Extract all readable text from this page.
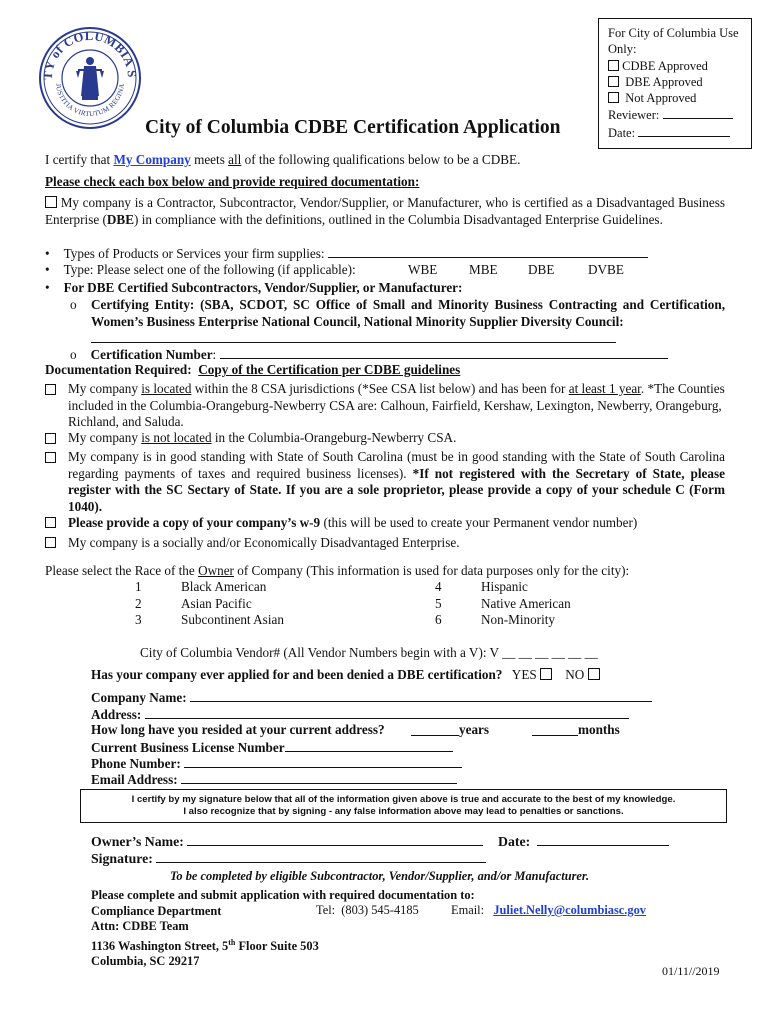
TY of COLUMBIA S
JUSTITIA VIRTUTUM REGINA
For City of Columbia Use
Only:
CDBE Approved
DBE Approved
Not Approved
Reviewer:
Date:
City of Columbia CDBE Certification Application
I certify that My Company meets all of the following qualifications below to be a CDBE.
Please check each box below and provide required documentation:
My company is a Contractor, Subcontractor, Vendor/Supplier, or Manufacturer, who is certified as a Disadvantaged Business Enterprise (DBE) in compliance with the definitions, outlined in the Columbia Disadvantaged Enterprise Guidelines.
• Types of Products or Services your firm supplies:
• Type: Please select one of the following (if applicable):	WBE MBE DBE	DVBE
• For DBE Certified Subcontractors, Vendor/Supplier, or Manufacturer:
o Certifying Entity: (SBA, SCDOT, SC Office of Small and Minority Business Contracting and Certification, Women’s Business Enterprise National Council, National Minority Supplier Diversity Council:
o Certification Number:
Documentation Required: Copy of the Certification per CDBE guidelines
My company is located within the 8 CSA jurisdictions (*See CSA list below) and has been for at least 1 year. *The Counties included in the Columbia-Orangeburg-Newberry CSA are: Calhoun, Fairfield, Kershaw, Lexington, Newberry, Orangeburg, Richland, and Saluda.
My company is not located in the Columbia-Orangeburg-Newberry CSA.
My company is in good standing with State of South Carolina (must be in good standing with the State of South Carolina regarding payments of taxes and required business licenses). *If not registered with the Secretary of State, please register with the SC Sectary of State. If you are a sole proprietor, please provide a copy of your schedule C (Form 1040).
Please provide a copy of your company’s w-9 (this will be used to create your Permanent vendor number)
My company is a socially and/or Economically Disadvantaged Enterprise.
Please select the Race of the Owner of Company (This information is used for data purposes only for the city):
1	Black American
2	Asian Pacific
3	Subcontinent Asian
4	Hispanic
5	Native American
6	Non-Minority
City of Columbia Vendor# (All Vendor Numbers begin with a V): V __ __ __ __ __ __
Has your company ever applied for and been denied a DBE certification? YES NO
Company Name:
Address:
How long have you resided at your current address?	years	months
Current Business License Number
Phone Number:
Email Address:
I certify by my signature below that all of the information given above is true and accurate to the best of my knowledge.
I also recognize that by signing - any false information above may lead to penalties or sanctions.
Owner’s Name:	Date:
Signature:
To be completed by eligible Subcontractor, Vendor/Supplier, and/or Manufacturer.
Please complete and submit application with required documentation to:
Compliance Department
Attn: CDBE Team
1136 Washington Street, 5th Floor Suite 503
Columbia, SC 29217
Tel: (803) 545-4185	Email: Juliet.Nelly@columbiasc.gov
01/11//2019
